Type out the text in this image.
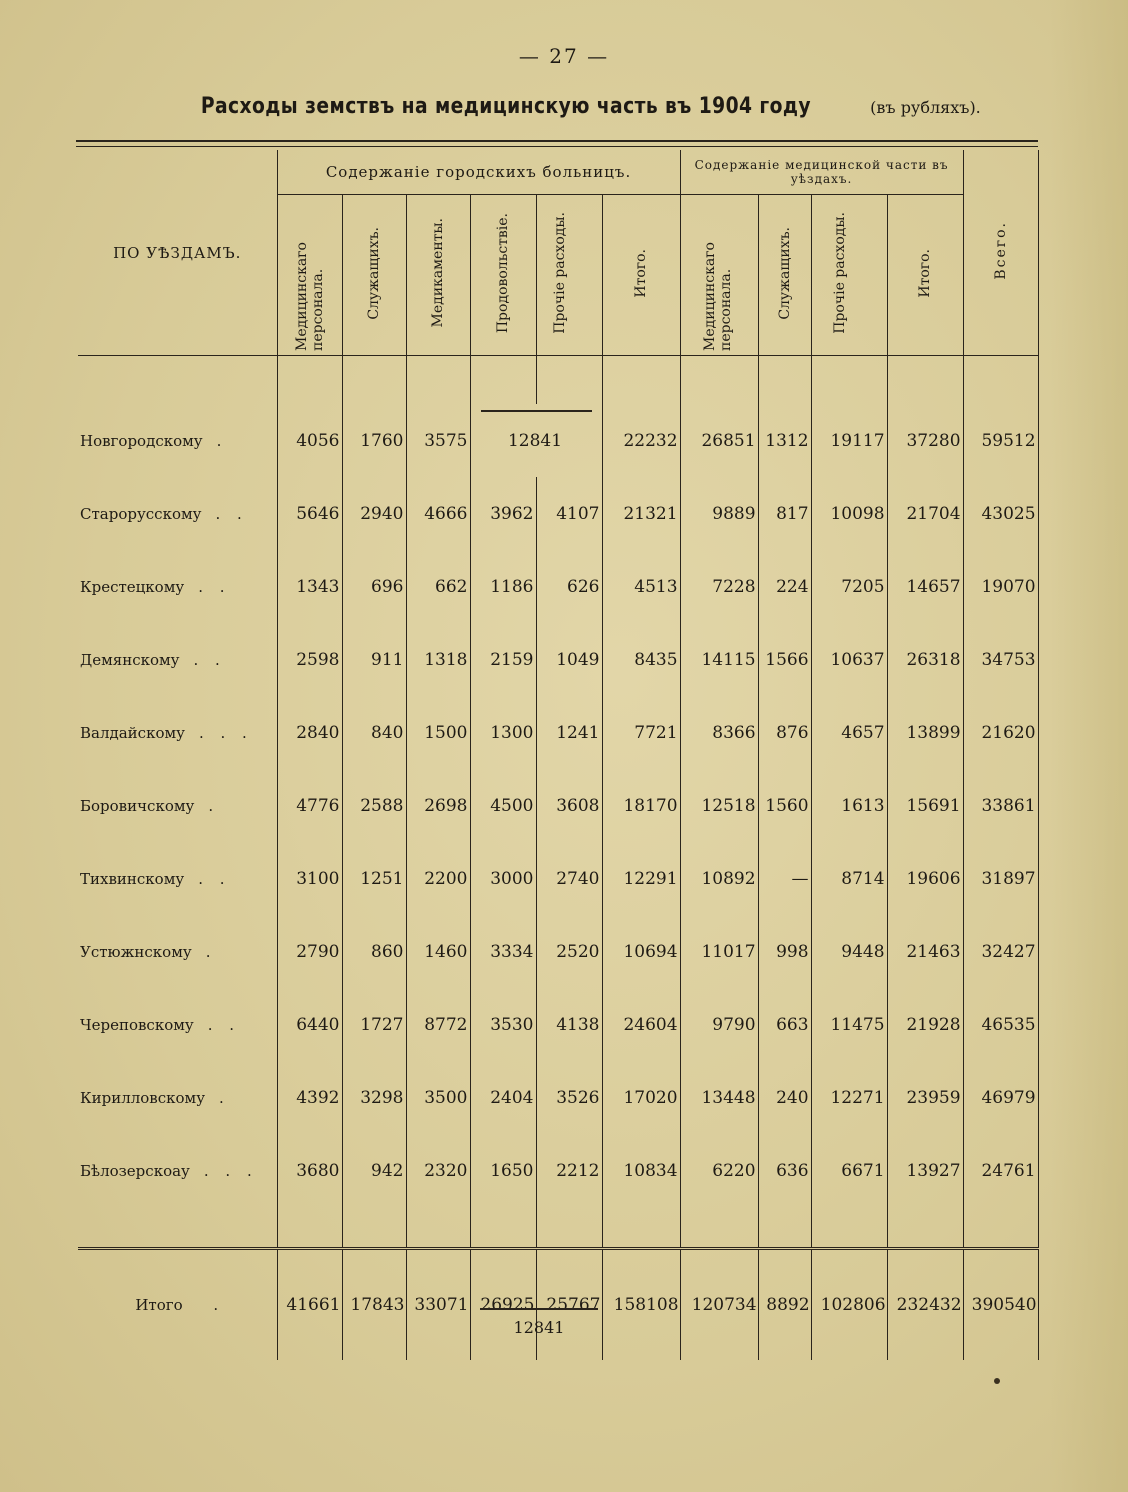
— 27 —
Расходы земствъ на медицинскую часть въ 1904 году	(въ рубляхъ).
ПО УѢЗДАМЪ.	Содержаніе городскихъ больницъ.						Содержаніе медицинской части въ уѣздахъ.				Всего.
	Медицинскаго персонала.	Служащихъ.	Медикаменты.	Продовольствіе.	Прочіе расходы.	Итого.	Медицинскаго персонала.	Служащихъ.	Прочіе расходы.	Итого.	

Новгородскому .	4056	1760	3575	12841		22232	26851	1312	19117	37280	59512
Старорусскому . .	5646	2940	4666	3962	4107	21321	9889	817	10098	21704	43025
Крестецкому . .	1343	696	662	1186	626	4513	7228	224	7205	14657	19070
Демянскому . .	2598	911	1318	2159	1049	8435	14115	1566	10637	26318	34753
Валдайскому . . .	2840	840	1500	1300	1241	7721	8366	876	4657	13899	21620
Боровичскому .	4776	2588	2698	4500	3608	18170	12518	1560	1613	15691	33861
Тихвинскому . .	3100	1251	2200	3000	2740	12291	10892	—	8714	19606	31897
Устюжнскому .	2790	860	1460	3334	2520	10694	11017	998	9448	21463	32427
Череповскому . .	6440	1727	8772	3530	4138	24604	9790	663	11475	21928	46535
Кирилловскому .	4392	3298	3500	2404	3526	17020	13448	240	12271	23959	46979
Бѣлозерскоау . . .	3680	942	2320	1650	2212	10834	6220	636	6671	13927	24761

Итого .	41661	17843	33071	26925	25767	158108	120734	8892	102806	232432	390540
12841
